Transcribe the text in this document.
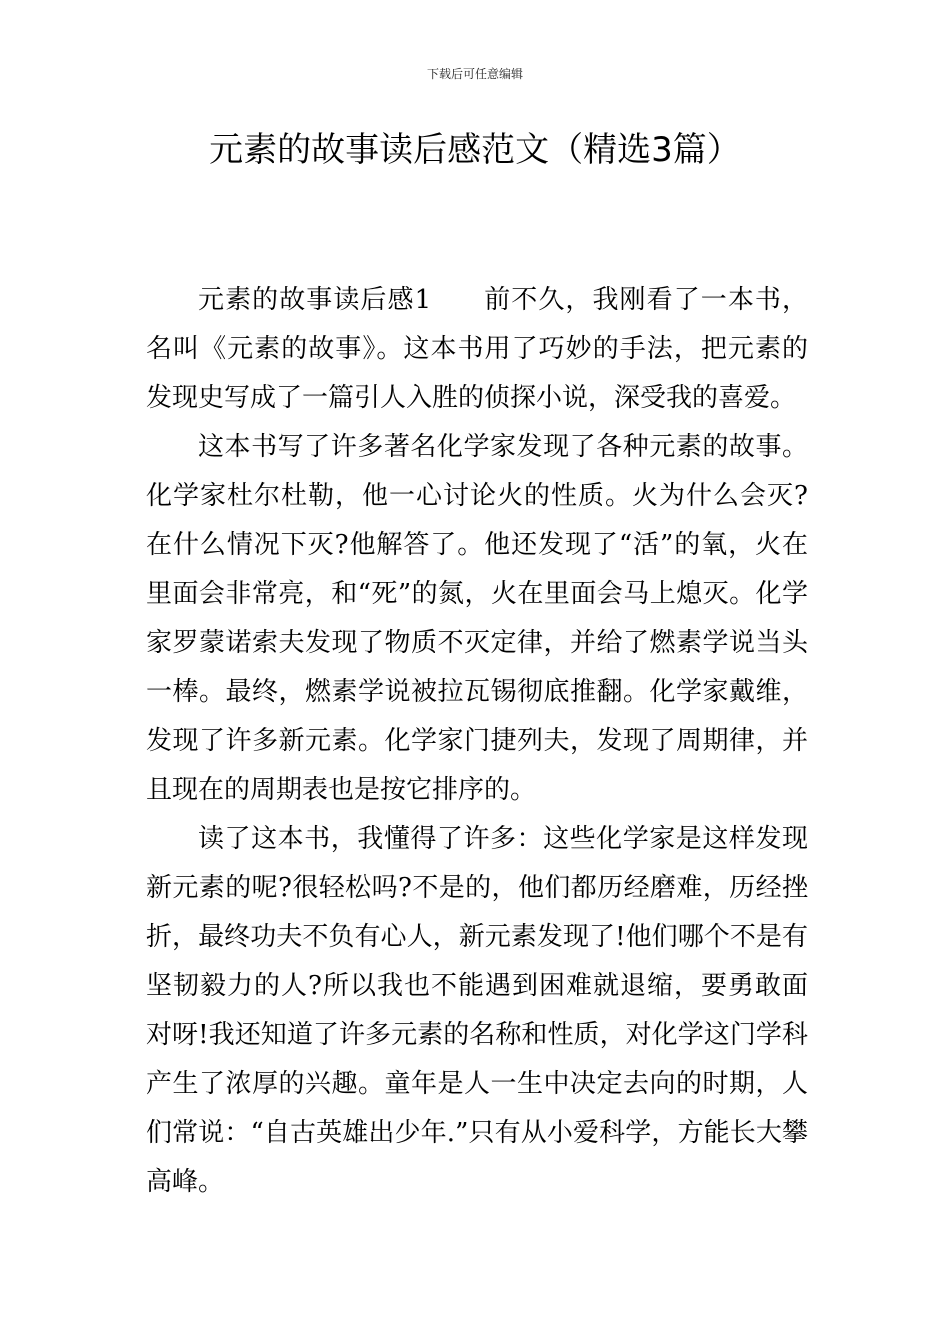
下载后可任意编辑
元素的故事读后感范文（精选3篇）

元素的故事读后感1 前不久，我刚看了一本书，名叫《元素的故事》。这本书用了巧妙的手法，把元素的发现史写成了一篇引人入胜的侦探小说，深受我的喜爱。

这本书写了许多著名化学家发现了各种元素的故事。化学家杜尔杜勒，他一心讨论火的性质。火为什么会灭?在什么情况下灭?他解答了。他还发现了“活”的氧，火在里面会非常亮，和“死”的氮，火在里面会马上熄灭。化学家罗蒙诺索夫发现了物质不灭定律，并给了燃素学说当头一棒。最终，燃素学说被拉瓦锡彻底推翻。化学家戴维，发现了许多新元素。化学家门捷列夫，发现了周期律，并且现在的周期表也是按它排序的。

读了这本书，我懂得了许多：这些化学家是这样发现新元素的呢?很轻松吗?不是的，他们都历经磨难，历经挫折，最终功夫不负有心人，新元素发现了!他们哪个不是有坚韧毅力的人?所以我也不能遇到困难就退缩，要勇敢面对呀!我还知道了许多元素的名称和性质，对化学这门学科产生了浓厚的兴趣。童年是人一生中决定去向的时期，人们常说：“自古英雄出少年.”只有从小爱科学，方能长大攀高峰。
